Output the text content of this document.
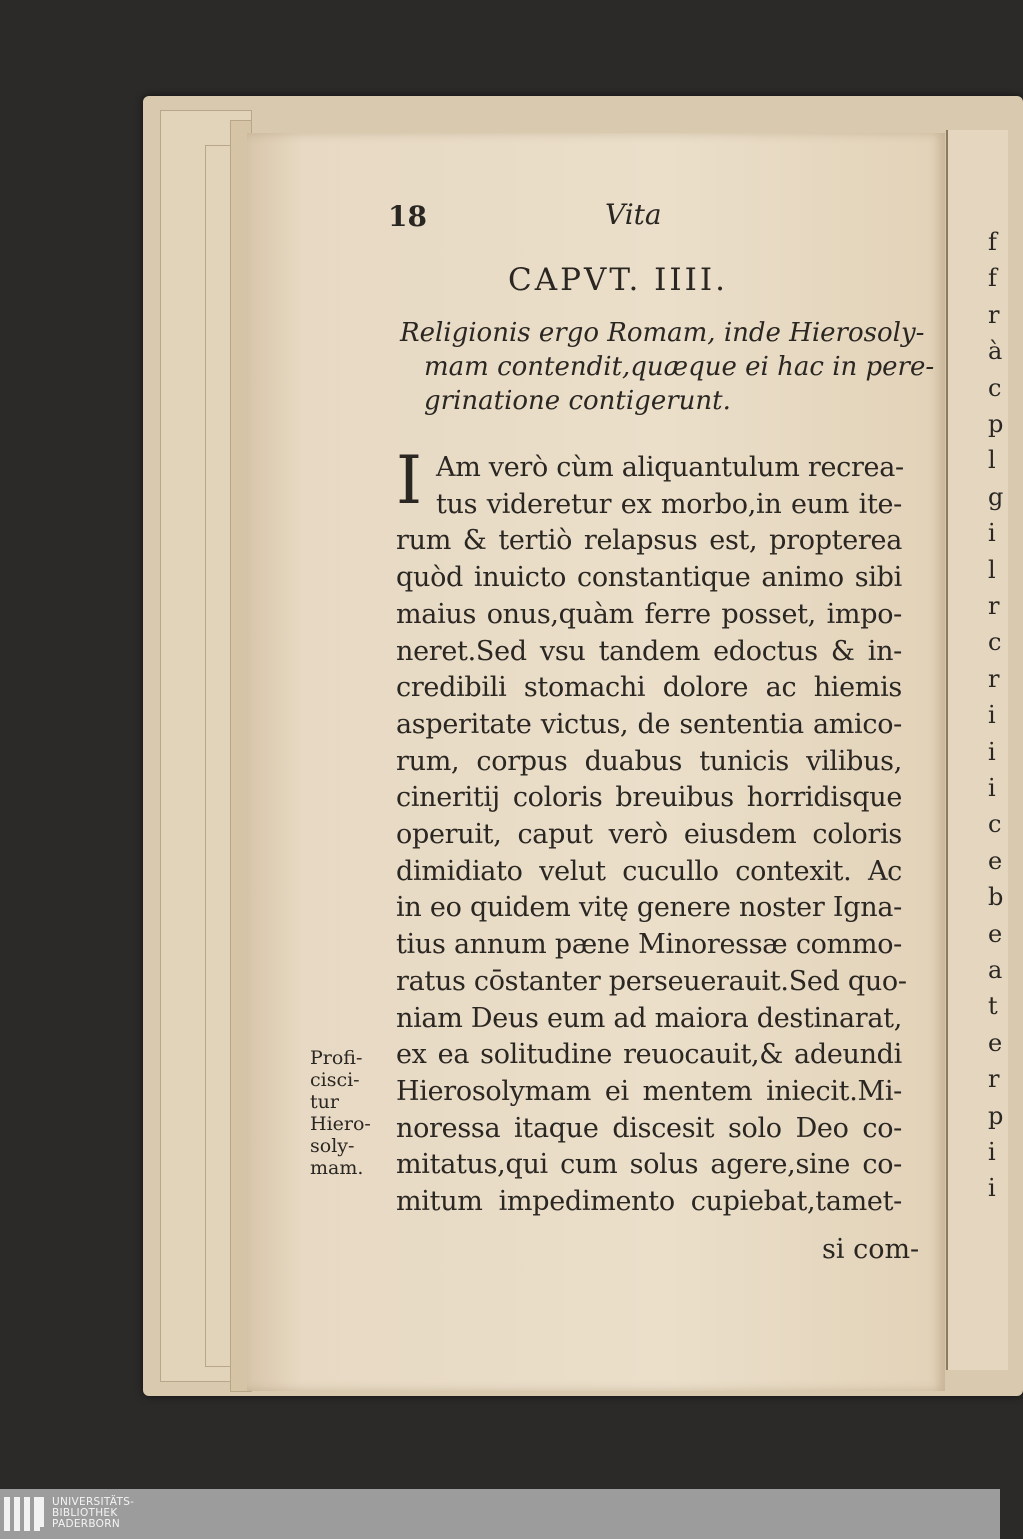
18	Vita
CAPVT. IIII.
Religionis ergo Romam, inde Hierosoly-
mam contendit,quæque ei hac in pere-
grinatione contigerunt.
I Am verò cùm aliquantulum recrea-
tus videretur ex morbo,in eum ite-
rum & tertiò relapsus est, propterea
quòd inuicto constantique animo sibi
maius onus,quàm ferre posset, impo-
neret.Sed vsu tandem edoctus & in-
credibili stomachi dolore ac hiemis
asperitate victus, de sententia amico-
rum, corpus duabus tunicis vilibus,
cineritij coloris breuibus horridisque
operuit, caput verò eiusdem coloris
dimidiato velut cucullo contexit. Ac
in eo quidem vitę genere noster Igna-
tius annum pæne Minoressæ commo-
ratus cōstanter perseuerauit.Sed quo-
niam Deus eum ad maiora destinarat,
ex ea solitudine reuocauit,& adeundi
Hierosolymam ei mentem iniecit.Mi-
noressa itaque discesit solo Deo co-
mitatus,qui cum solus agere,sine co-
mitum impedimento cupiebat,tamet-
si com-
Profi-
cisci-
tur
Hiero-
soly-
mam.
f
f
r
à
c
p
l
g
i
l
r
c
r
i
i
i
c
e
b
e
a
t
e
r
p
i
i
UNIVERSITÄTS-
BIBLIOTHEK
PADERBORN
